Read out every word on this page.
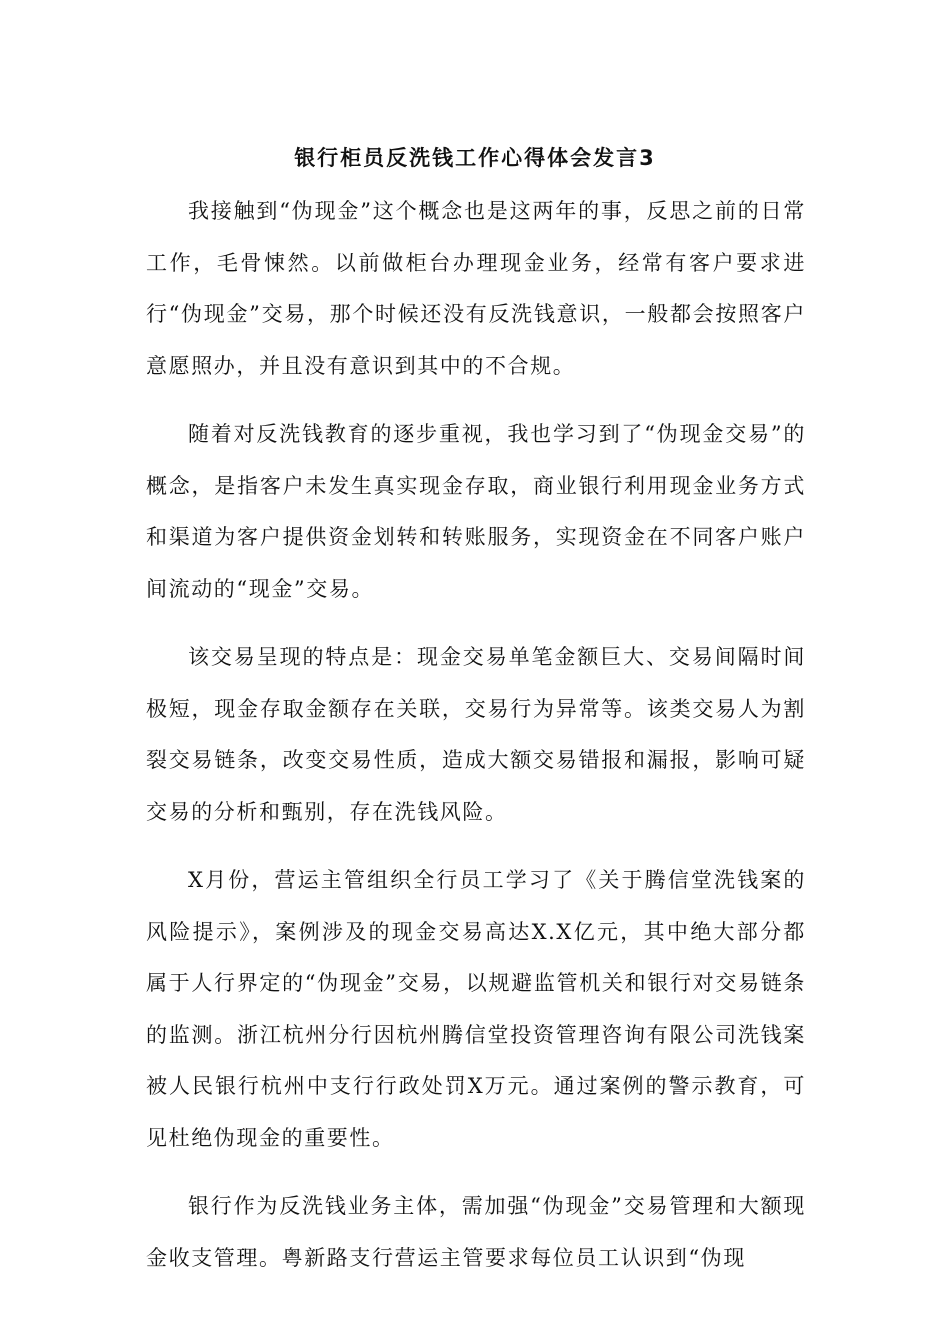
银行柜员反洗钱工作心得体会发言3

我接触到“伪现金”这个概念也是这两年的事，反思之前的日常工作，毛骨悚然。以前做柜台办理现金业务，经常有客户要求进行“伪现金”交易，那个时候还没有反洗钱意识，一般都会按照客户意愿照办，并且没有意识到其中的不合规。

随着对反洗钱教育的逐步重视，我也学习到了“伪现金交易”的概念，是指客户未发生真实现金存取，商业银行利用现金业务方式和渠道为客户提供资金划转和转账服务，实现资金在不同客户账户间流动的“现金”交易。

该交易呈现的特点是：现金交易单笔金额巨大、交易间隔时间极短，现金存取金额存在关联，交易行为异常等。该类交易人为割裂交易链条，改变交易性质，造成大额交易错报和漏报，影响可疑交易的分析和甄别，存在洗钱风险。

X月份，营运主管组织全行员工学习了《关于腾信堂洗钱案的风险提示》，案例涉及的现金交易高达X.X亿元，其中绝大部分都属于人行界定的“伪现金”交易，以规避监管机关和银行对交易链条的监测。浙江杭州分行因杭州腾信堂投资管理咨询有限公司洗钱案被人民银行杭州中支行行政处罚X万元。通过案例的警示教育，可见杜绝伪现金的重要性。

银行作为反洗钱业务主体，需加强“伪现金”交易管理和大额现金收支管理。粤新路支行营运主管要求每位员工认识到“伪现
